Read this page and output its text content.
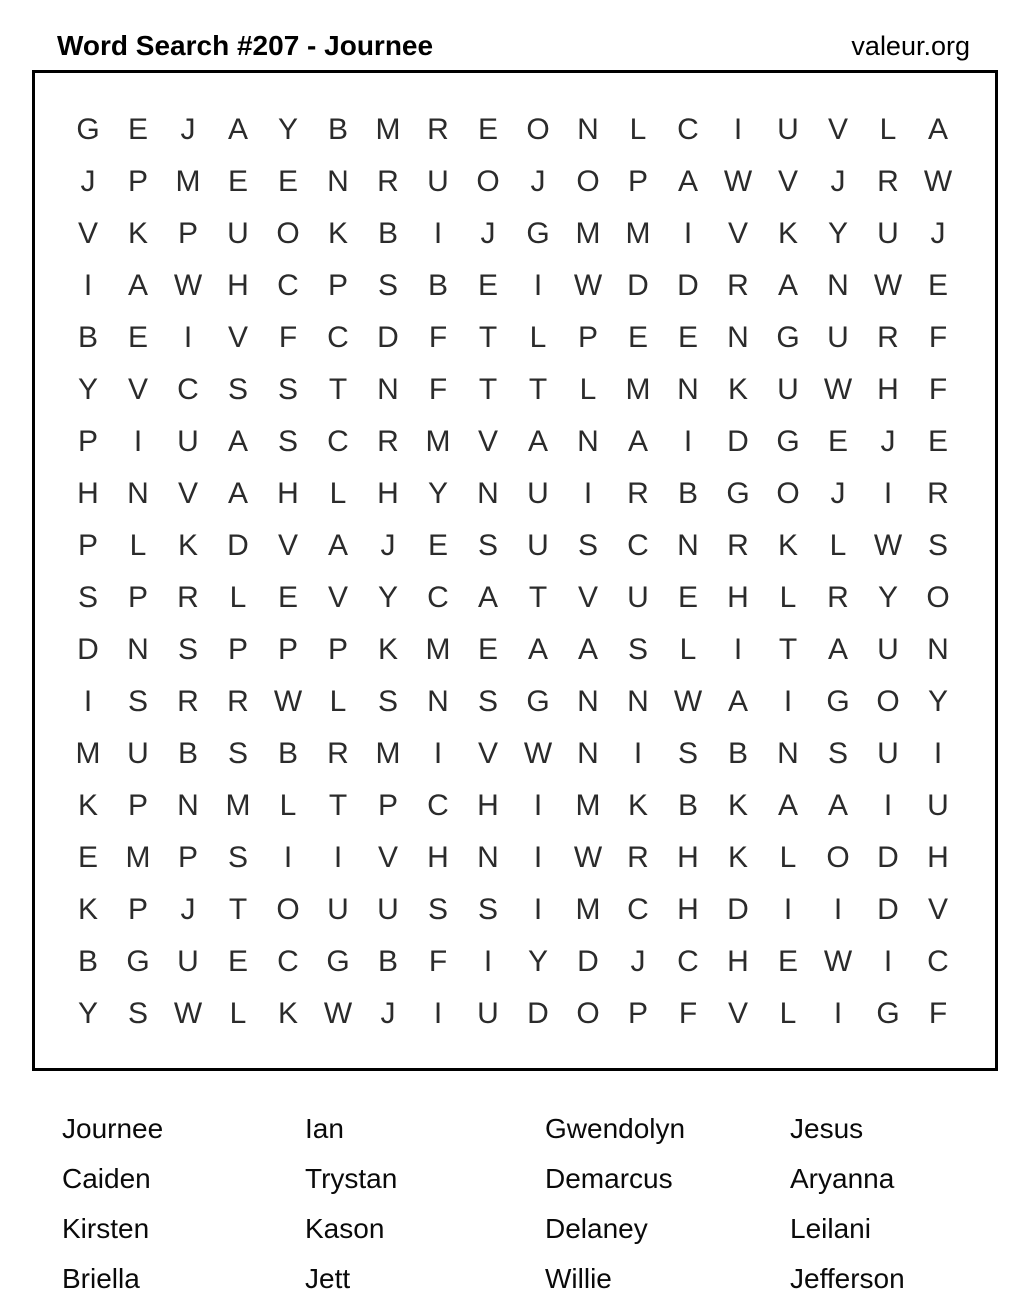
Word Search #207 - Journee	valeur.org
G E	J	A Y B M R E O N	L	C	I	U V	L	A
J	P M E E N R U O	J	O P A W V	J	R W
V K P U O K B	I	J	G M M	I	V K Y U	J
I	A W H C P S B E	I	W D D R A N W E
B E	I	V	F	C D	F	T	L	P E E N G U R	F
Y V C S S	T	N	F	T	T	L M N K U W H	F
P	I	U A S C R M V A N A	I	D G E	J	E
H N V A H	L	H Y N U	I	R B G O	J	I	R
P	L	K D V A	J	E S U S C N R K	L W S
S P R	L	E V Y C A	T	V U E H	L	R Y O
D N S P P P K M E A A S	L	I	T	A U N
I	S R R W L	S N S G N N W A	I	G O Y
M U B S B R M	I	V W N	I	S B N S U	I
K P N M L	T	P C H	I	M K B K A A	I	U
E M P S	I	I	V H N	I	W R H K	L O D H
K P	J	T O U U S S	I	M C H D	I	I	D V
B G U E C G B	F	I	Y D	J	C H E W	I	C
Y S W L	K W J	I	U D O P	F	V	L	I	G F
Journee	Ian	Gwendolyn	Jesus
Caiden	Trystan	Demarcus	Aryanna
Kirsten	Kason	Delaney	Leilani
Briella	Jett	Willie	Jefferson
